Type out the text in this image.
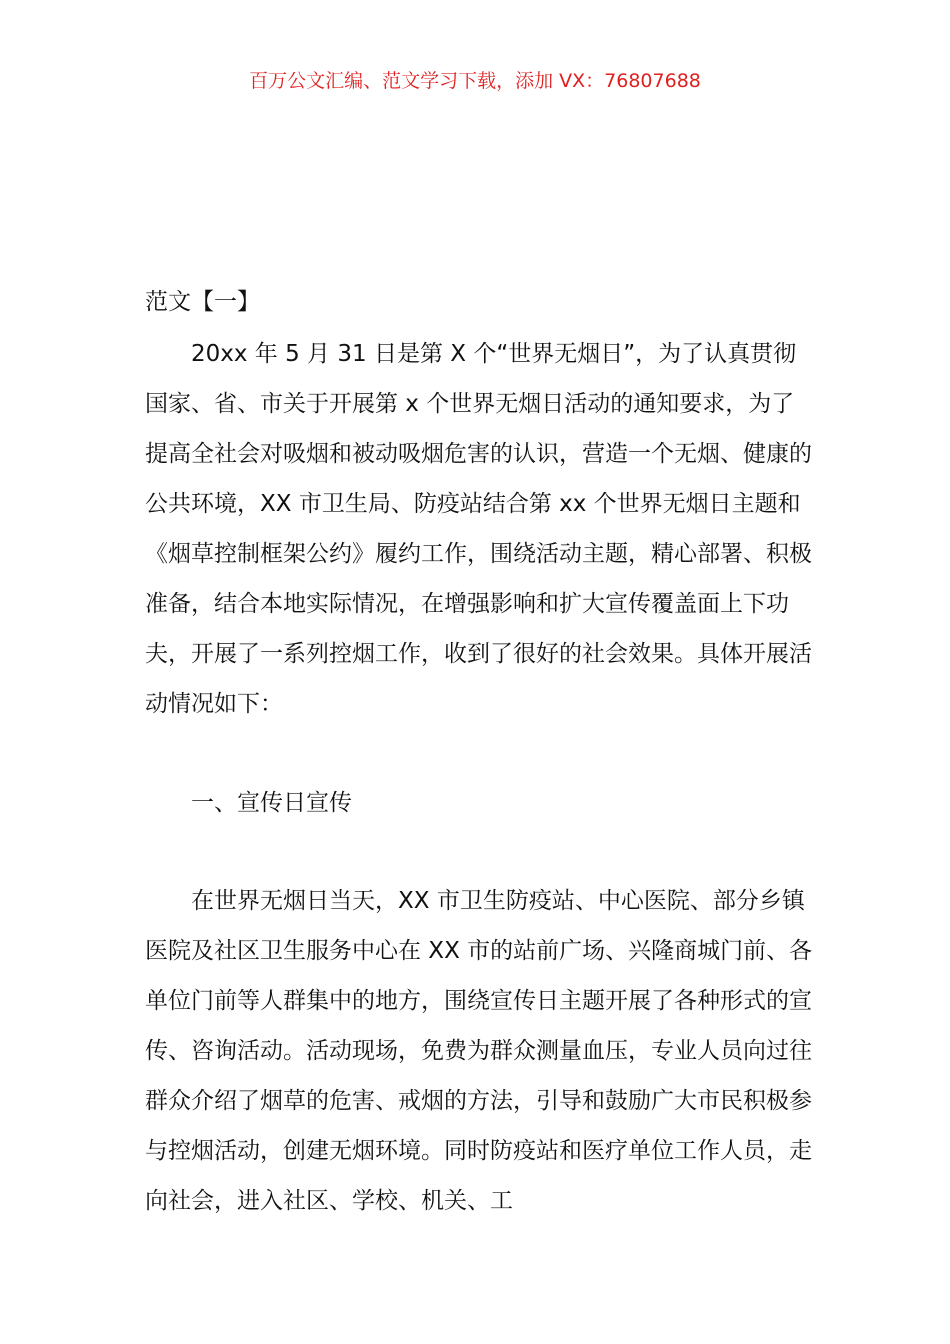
百万公文汇编、范文学习下载，添加 VX：76807688
范文【一】

20xx 年 5 月 31 日是第 X 个“世界无烟日”，为了认真贯彻国家、省、市关于开展第 x 个世界无烟日活动的通知要求，为了提高全社会对吸烟和被动吸烟危害的认识，营造一个无烟、健康的公共环境，XX 市卫生局、防疫站结合第 xx 个世界无烟日主题和《烟草控制框架公约》履约工作，围绕活动主题，精心部署、积极准备，结合本地实际情况，在增强影响和扩大宣传覆盖面上下功夫，开展了一系列控烟工作，收到了很好的社会效果。具体开展活动情况如下：

一、宣传日宣传

在世界无烟日当天，XX 市卫生防疫站、中心医院、部分乡镇医院及社区卫生服务中心在 XX 市的站前广场、兴隆商城门前、各单位门前等人群集中的地方，围绕宣传日主题开展了各种形式的宣传、咨询活动。活动现场，免费为群众测量血压，专业人员向过往群众介绍了烟草的危害、戒烟的方法，引导和鼓励广大市民积极参与控烟活动，创建无烟环境。同时防疫站和医疗单位工作人员，走向社会，进入社区、学校、机关、工
